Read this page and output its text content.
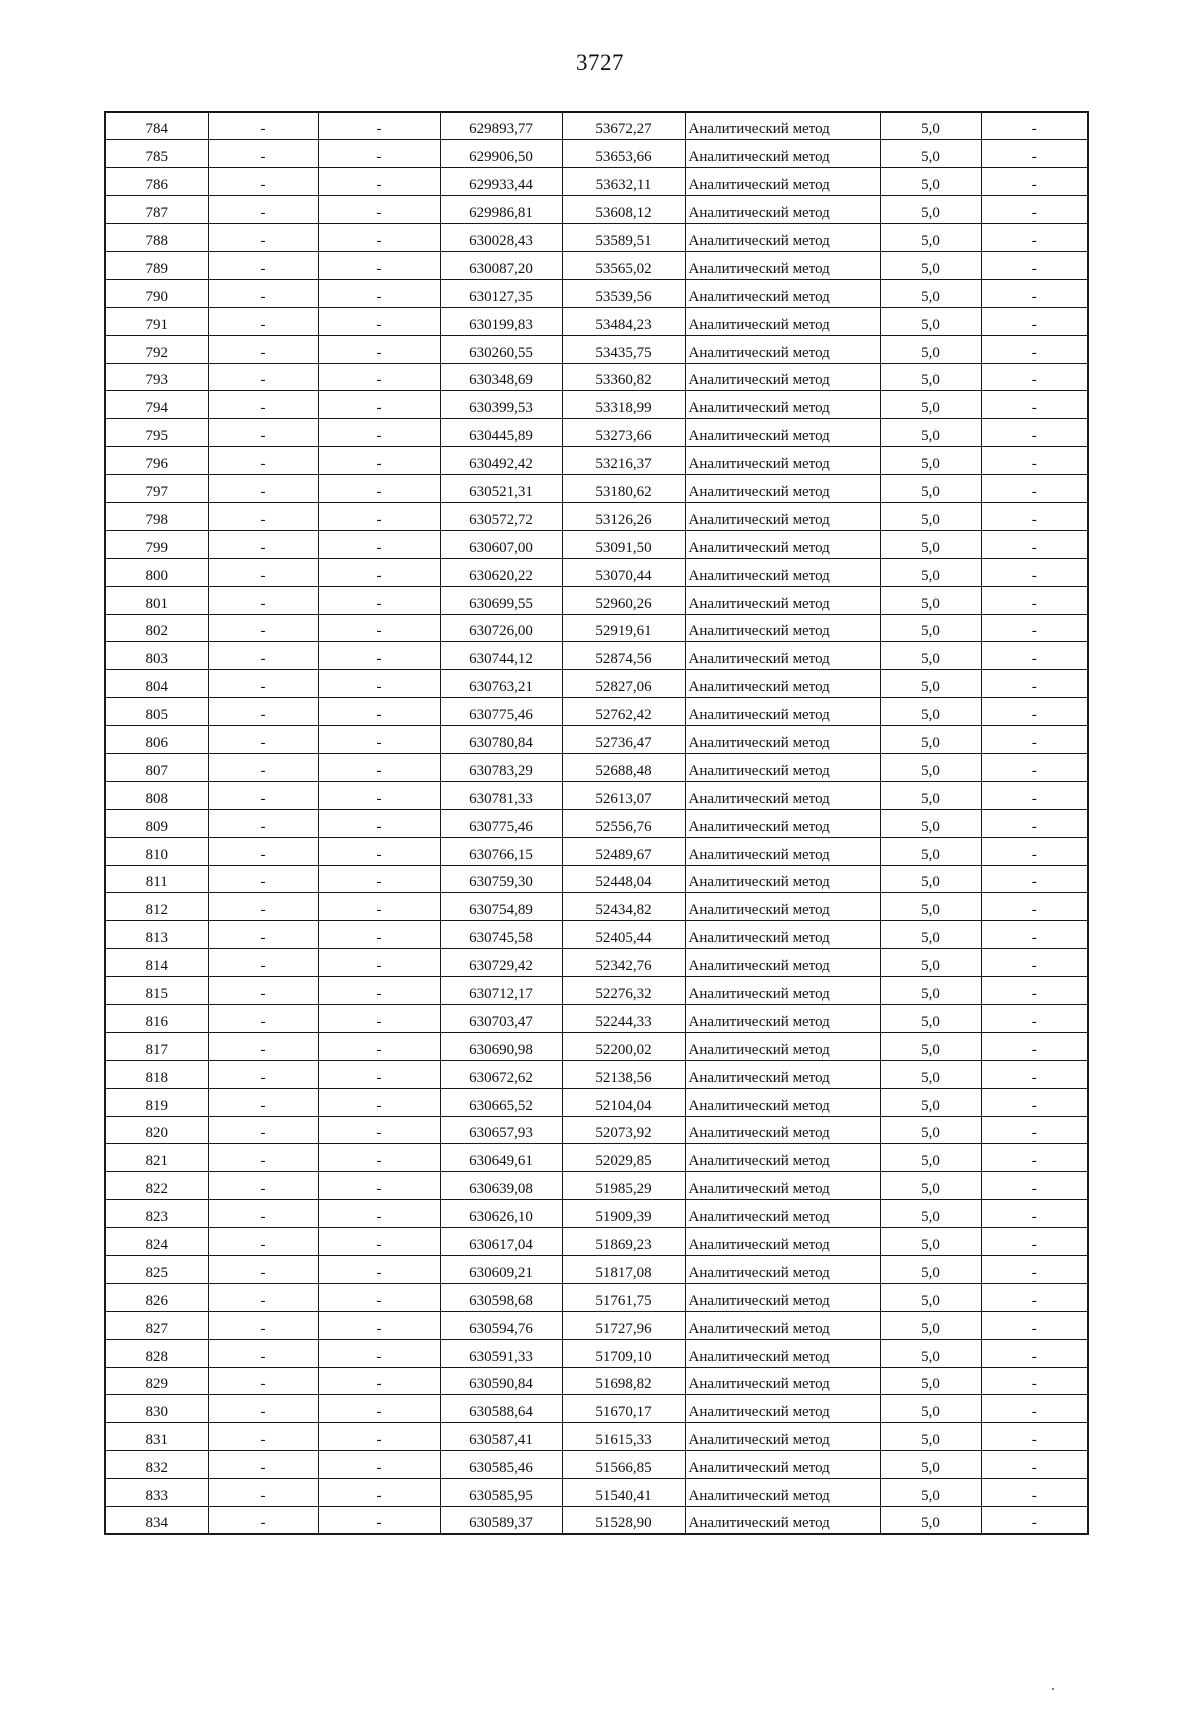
3727
784	-	-	629893,77	53672,27	Аналитический метод	5,0	-
785	-	-	629906,50	53653,66	Аналитический метод	5,0	-
786	-	-	629933,44	53632,11	Аналитический метод	5,0	-
787	-	-	629986,81	53608,12	Аналитический метод	5,0	-
788	-	-	630028,43	53589,51	Аналитический метод	5,0	-
789	-	-	630087,20	53565,02	Аналитический метод	5,0	-
790	-	-	630127,35	53539,56	Аналитический метод	5,0	-
791	-	-	630199,83	53484,23	Аналитический метод	5,0	-
792	-	-	630260,55	53435,75	Аналитический метод	5,0	-
793	-	-	630348,69	53360,82	Аналитический метод	5,0	-
794	-	-	630399,53	53318,99	Аналитический метод	5,0	-
795	-	-	630445,89	53273,66	Аналитический метод	5,0	-
796	-	-	630492,42	53216,37	Аналитический метод	5,0	-
797	-	-	630521,31	53180,62	Аналитический метод	5,0	-
798	-	-	630572,72	53126,26	Аналитический метод	5,0	-
799	-	-	630607,00	53091,50	Аналитический метод	5,0	-
800	-	-	630620,22	53070,44	Аналитический метод	5,0	-
801	-	-	630699,55	52960,26	Аналитический метод	5,0	-
802	-	-	630726,00	52919,61	Аналитический метод	5,0	-
803	-	-	630744,12	52874,56	Аналитический метод	5,0	-
804	-	-	630763,21	52827,06	Аналитический метод	5,0	-
805	-	-	630775,46	52762,42	Аналитический метод	5,0	-
806	-	-	630780,84	52736,47	Аналитический метод	5,0	-
807	-	-	630783,29	52688,48	Аналитический метод	5,0	-
808	-	-	630781,33	52613,07	Аналитический метод	5,0	-
809	-	-	630775,46	52556,76	Аналитический метод	5,0	-
810	-	-	630766,15	52489,67	Аналитический метод	5,0	-
811	-	-	630759,30	52448,04	Аналитический метод	5,0	-
812	-	-	630754,89	52434,82	Аналитический метод	5,0	-
813	-	-	630745,58	52405,44	Аналитический метод	5,0	-
814	-	-	630729,42	52342,76	Аналитический метод	5,0	-
815	-	-	630712,17	52276,32	Аналитический метод	5,0	-
816	-	-	630703,47	52244,33	Аналитический метод	5,0	-
817	-	-	630690,98	52200,02	Аналитический метод	5,0	-
818	-	-	630672,62	52138,56	Аналитический метод	5,0	-
819	-	-	630665,52	52104,04	Аналитический метод	5,0	-
820	-	-	630657,93	52073,92	Аналитический метод	5,0	-
821	-	-	630649,61	52029,85	Аналитический метод	5,0	-
822	-	-	630639,08	51985,29	Аналитический метод	5,0	-
823	-	-	630626,10	51909,39	Аналитический метод	5,0	-
824	-	-	630617,04	51869,23	Аналитический метод	5,0	-
825	-	-	630609,21	51817,08	Аналитический метод	5,0	-
826	-	-	630598,68	51761,75	Аналитический метод	5,0	-
827	-	-	630594,76	51727,96	Аналитический метод	5,0	-
828	-	-	630591,33	51709,10	Аналитический метод	5,0	-
829	-	-	630590,84	51698,82	Аналитический метод	5,0	-
830	-	-	630588,64	51670,17	Аналитический метод	5,0	-
831	-	-	630587,41	51615,33	Аналитический метод	5,0	-
832	-	-	630585,46	51566,85	Аналитический метод	5,0	-
833	-	-	630585,95	51540,41	Аналитический метод	5,0	-
834	-	-	630589,37	51528,90	Аналитический метод	5,0	-
